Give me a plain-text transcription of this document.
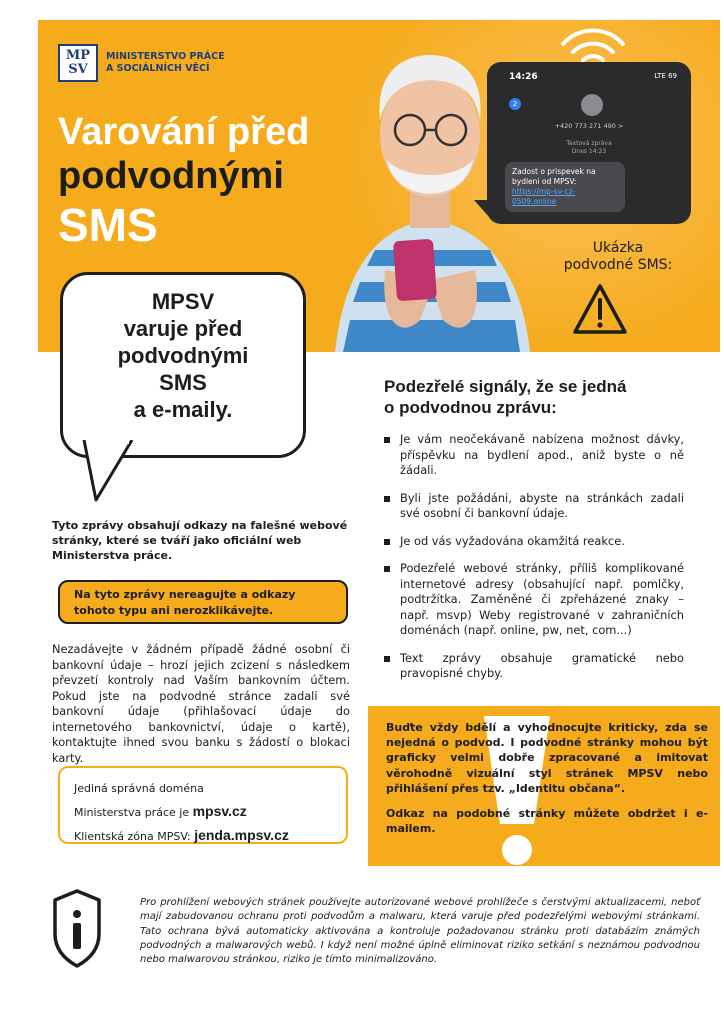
MP
SV
MINISTERSTVO PRÁCE
A SOCIÁLNÍCH VĚCÍ
Varování před
podvodnými
SMS
14:26	LTE 69
2
+420 773 271 490 >
Textová zpráva
Dnes 14:23
Zadost o prispevek na bydleni od MPSV: https://mp-sv-cz-0509.online
Ukázka
podvodné SMS:
MPSV
varuje před
podvodnými
SMS
a e-maily.
Tyto zprávy obsahují odkazy na falešné webové stránky, které se tváří jako oficiální web Ministerstva práce.
Na tyto zprávy nereagujte a odkazy tohoto typu ani nerozklikávejte.
Nezadávejte v žádném případě žádné osobní či bankovní údaje – hrozí jejich zcizení s následkem převzetí kontroly nad Vaším bankovním účtem. Pokud jste na podvodné stránce zadali své bankovní údaje (přihlašovací údaje do internetového bankovnictví, údaje o kartě), kontaktujte ihned svou banku s žádostí o blokaci karty.
Jediná správná doména
Ministerstva práce je mpsv.cz
Klientská zóna MPSV: jenda.mpsv.cz
Podezřelé signály, že se jedná
o podvodnou zprávu:
Je vám neočekávaně nabízena možnost dávky, příspěvku na bydlení apod., aniž byste o ně žádali.
Byli jste požádáni, abyste na stránkách zadali své osobní či bankovní údaje.
Je od vás vyžadována okamžitá reakce.
Podezřelé webové stránky, příliš komplikované internetové adresy (obsahující např. pomlčky, podtržítka. Zaměněné či zpřeházené znaky – např. msvp) Weby registrované v zahraničních doménách (např. online, pw, net, com...)
Text zprávy obsahuje gramatické nebo pravopisné chyby.

Buďte vždy bdělí a vyhodnocujte kriticky, zda se nejedná o podvod. I podvodné stránky mohou být graficky velmi dobře zpracované a imitovat věrohodně vizuální styl stránek MPSV nebo přihlášení přes tzv. „Identitu občana“.

Odkaz na podobné stránky můžete obdržet i e-mailem.

Pro prohlížení webových stránek používejte autorizované webové prohlížeče s čerstvými aktualizacemi, neboť mají zabudovanou ochranu proti podvodům a malwaru, která varuje před podezřelými webovými stránkami. Tato ochrana bývá automaticky aktivována a kontroluje požadovanou stránku proti databázím známých podvodných a malwarových webů. I když není možné úplně eliminovat riziko setkání s neznámou podvodnou nebo malwarovou stránkou, riziko je tímto minimalizováno.
